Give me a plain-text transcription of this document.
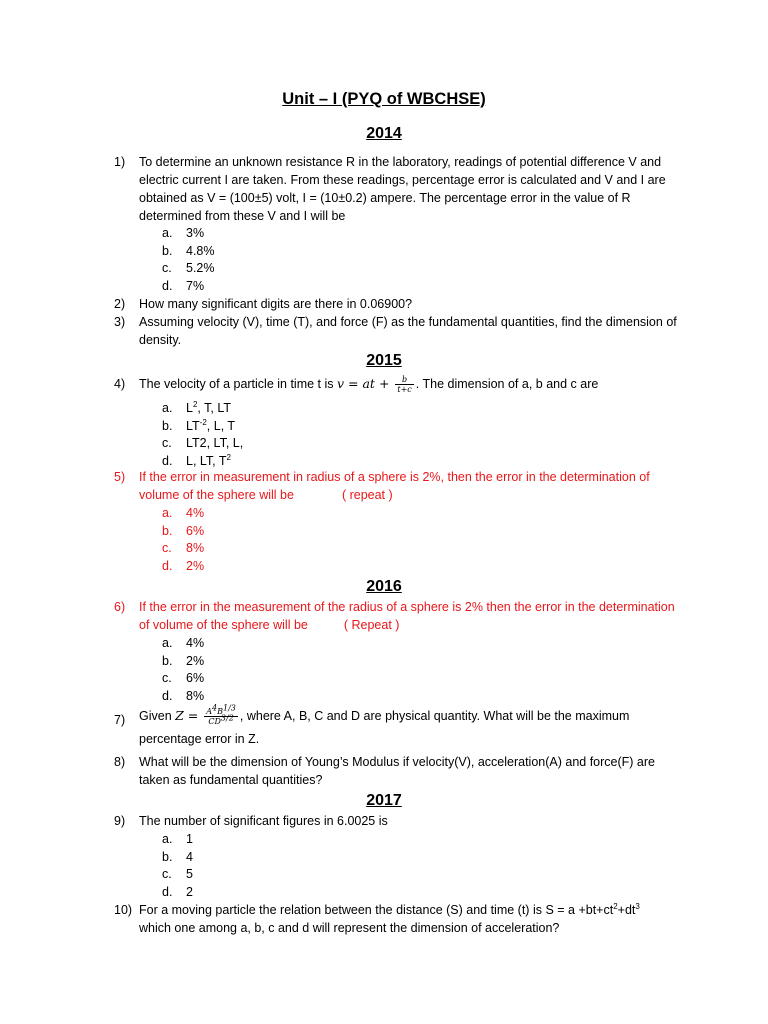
Unit – I (PYQ of WBCHSE)
2014
1)	To determine an unknown resistance R in the laboratory, readings of potential difference V and electric current I are taken. From these readings, percentage error is calculated and V and I are obtained as V = (100±5) volt, I = (10±0.2) ampere. The percentage error in the value of R determined from these V and I will be
a. 3%
b. 4.8%
c. 5.2%
d. 7%
2)	How many significant digits are there in 0.06900?
3)	Assuming velocity (V), time (T), and force (F) as the fundamental quantities, find the dimension of density.
2015
4)	The velocity of a particle in time t is v = at + $\frac{b}{t+c}$ . The dimension of a, b and c are
a. $L^2$, T, LT
b. $LT^{-2}$, L, T
c. LT2, LT, L,
d. L, LT, $T^2$
5)	If the error in measurement in radius of a sphere is 2%, then the error in the determination of volume of the sphere will be	( repeat )
a. 4%
b. 6%
c. 8%
d. 2%
2016
6)	If the error in the measurement of the radius of a sphere is 2% then the error in the determination of volume of the sphere will be	( Repeat )
a. 4%
b. 2%
c. 6%
d. 8%
7)	Given $Z = \frac{A^4B^{1/3}}{CD^{3/2}}$ , where A, B, C and D are physical quantity. What will be the maximum
percentage error in Z.
8)	What will be the dimension of Young’s Modulus if velocity(V), acceleration(A) and force(F) are taken as fundamental quantities?
2017
9)	The number of significant figures in 6.0025 is
a. 1
b. 4
c. 5
d. 2
10) For a moving particle the relation between the distance (S) and time (t) is $S = a +bt+ct^2+dt^3$
which one among a, b, c and d will represent the dimension of acceleration?
